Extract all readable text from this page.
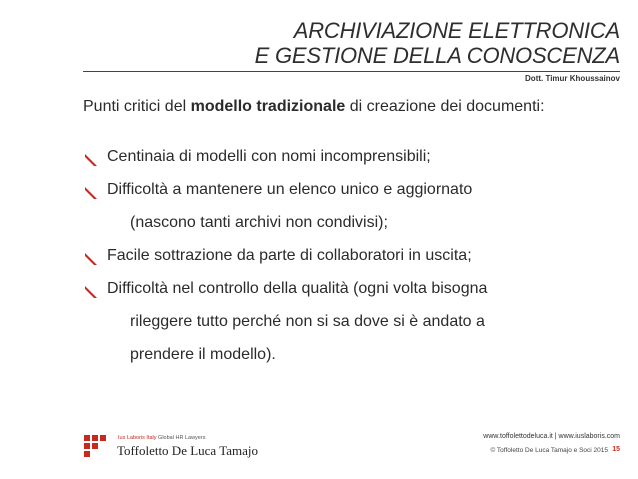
ARCHIVIAZIONE ELETTRONICA
E GESTIONE DELLA CONOSCENZA
Dott. Timur Khoussainov
Punti critici del modello tradizionale di creazione dei documenti:
Centinaia di modelli con nomi incomprensibili;
Difficoltà a mantenere un elenco unico e aggiornato
(nascono tanti archivi non condivisi);
Facile sottrazione da parte di collaboratori in uscita;
Difficoltà nel controllo della qualità (ogni volta bisogna
rileggere tutto perché non si sa dove si è andato a
prendere il modello).
Ius Laboris Italy Global HR Lawyers
Toffoletto De Luca Tamajo
www.toffolettodeluca.it | www.iuslaboris.com
© Toffoletto De Luca Tamajo e Soci 2015 15
